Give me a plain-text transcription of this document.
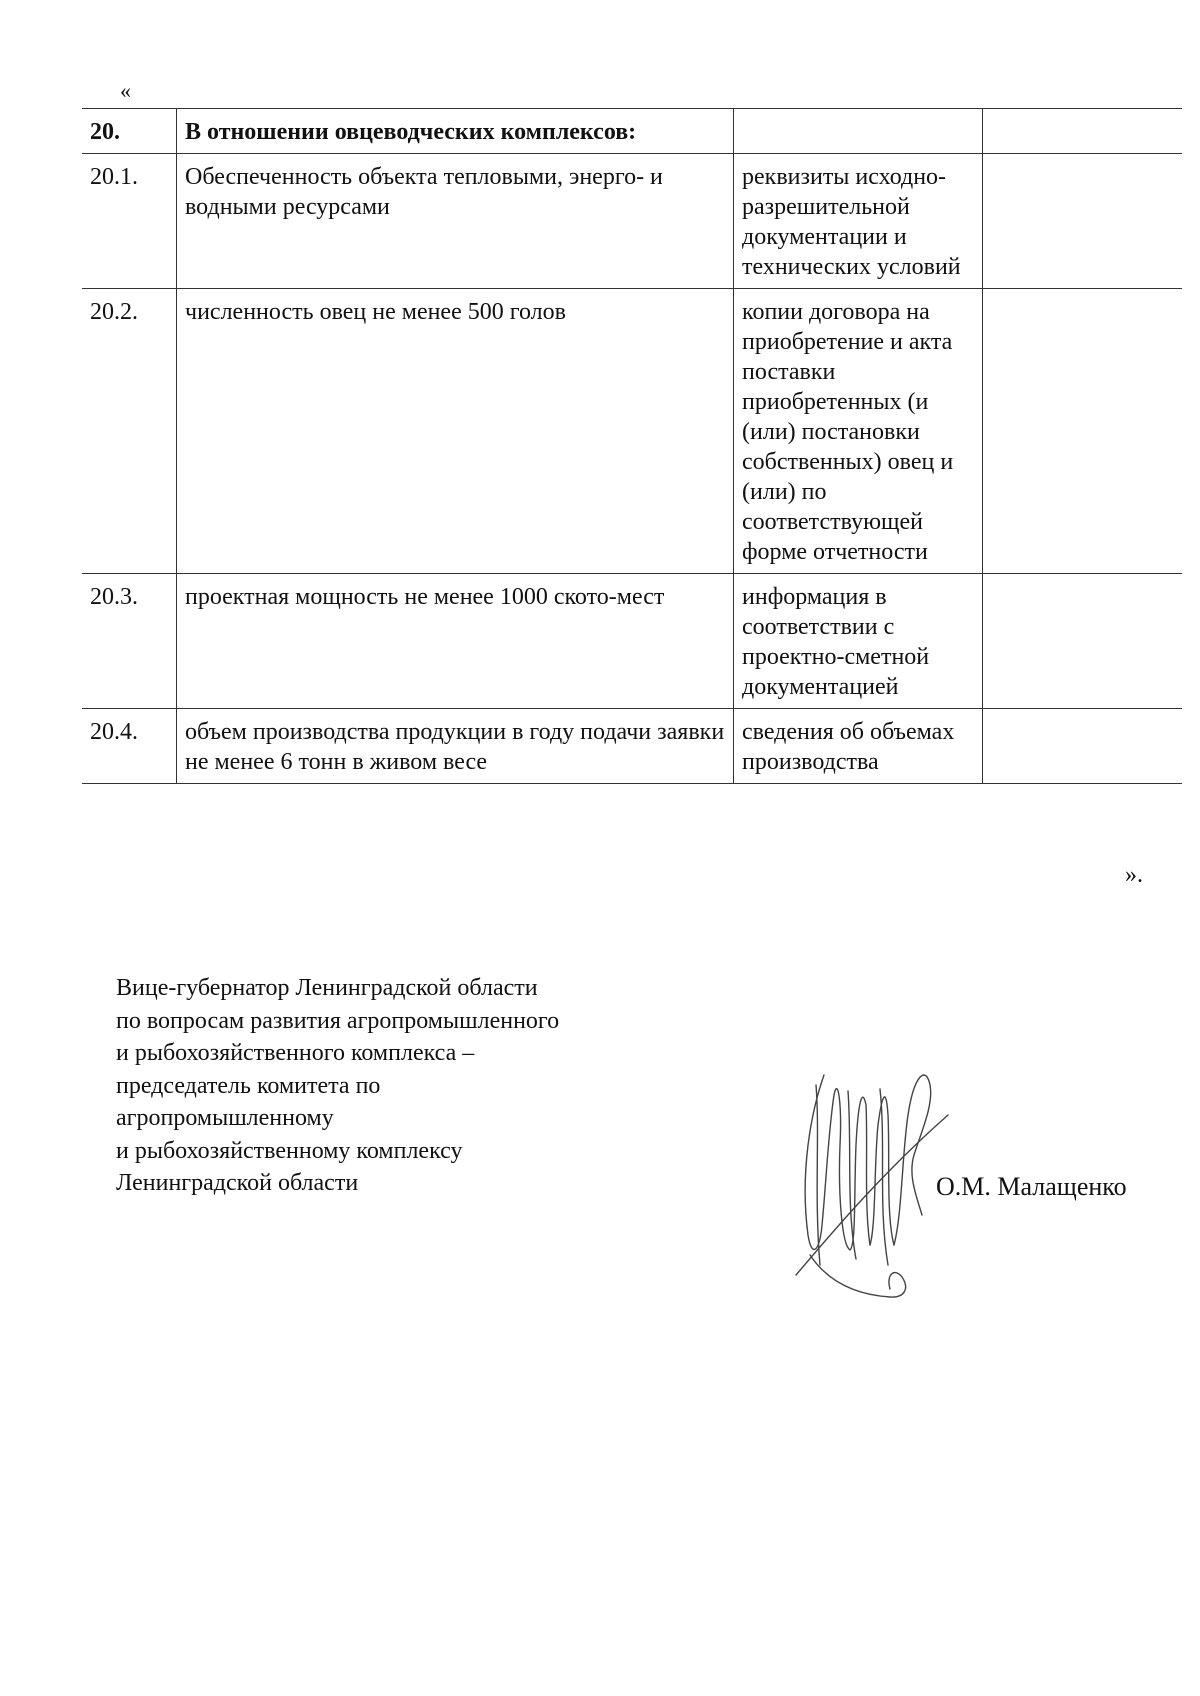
«
20.	В отношении овцеводческих комплексов:		
20.1.	Обеспеченность объекта тепловыми, энерго- и водными ресурсами	реквизиты исходно-разрешительной документации и технических условий	
20.2.	численность овец не менее 500 голов	копии договора на приобретение и акта поставки приобретенных (и (или) постановки собственных) овец и (или) по соответствующей форме отчетности	
20.3.	проектная мощность не менее 1000 ското-мест	информация в соответствии с проектно-сметной документацией	
20.4.	объем производства продукции в году подачи заявки не менее 6 тонн в живом весе	сведения об объемах производства	
».
Вице-губернатор Ленинградской области
по вопросам развития агропромышленного
и рыбохозяйственного комплекса –
председатель комитета по
агропромышленному
и рыбохозяйственному комплексу
Ленинградской области	О.М. Малащенко
